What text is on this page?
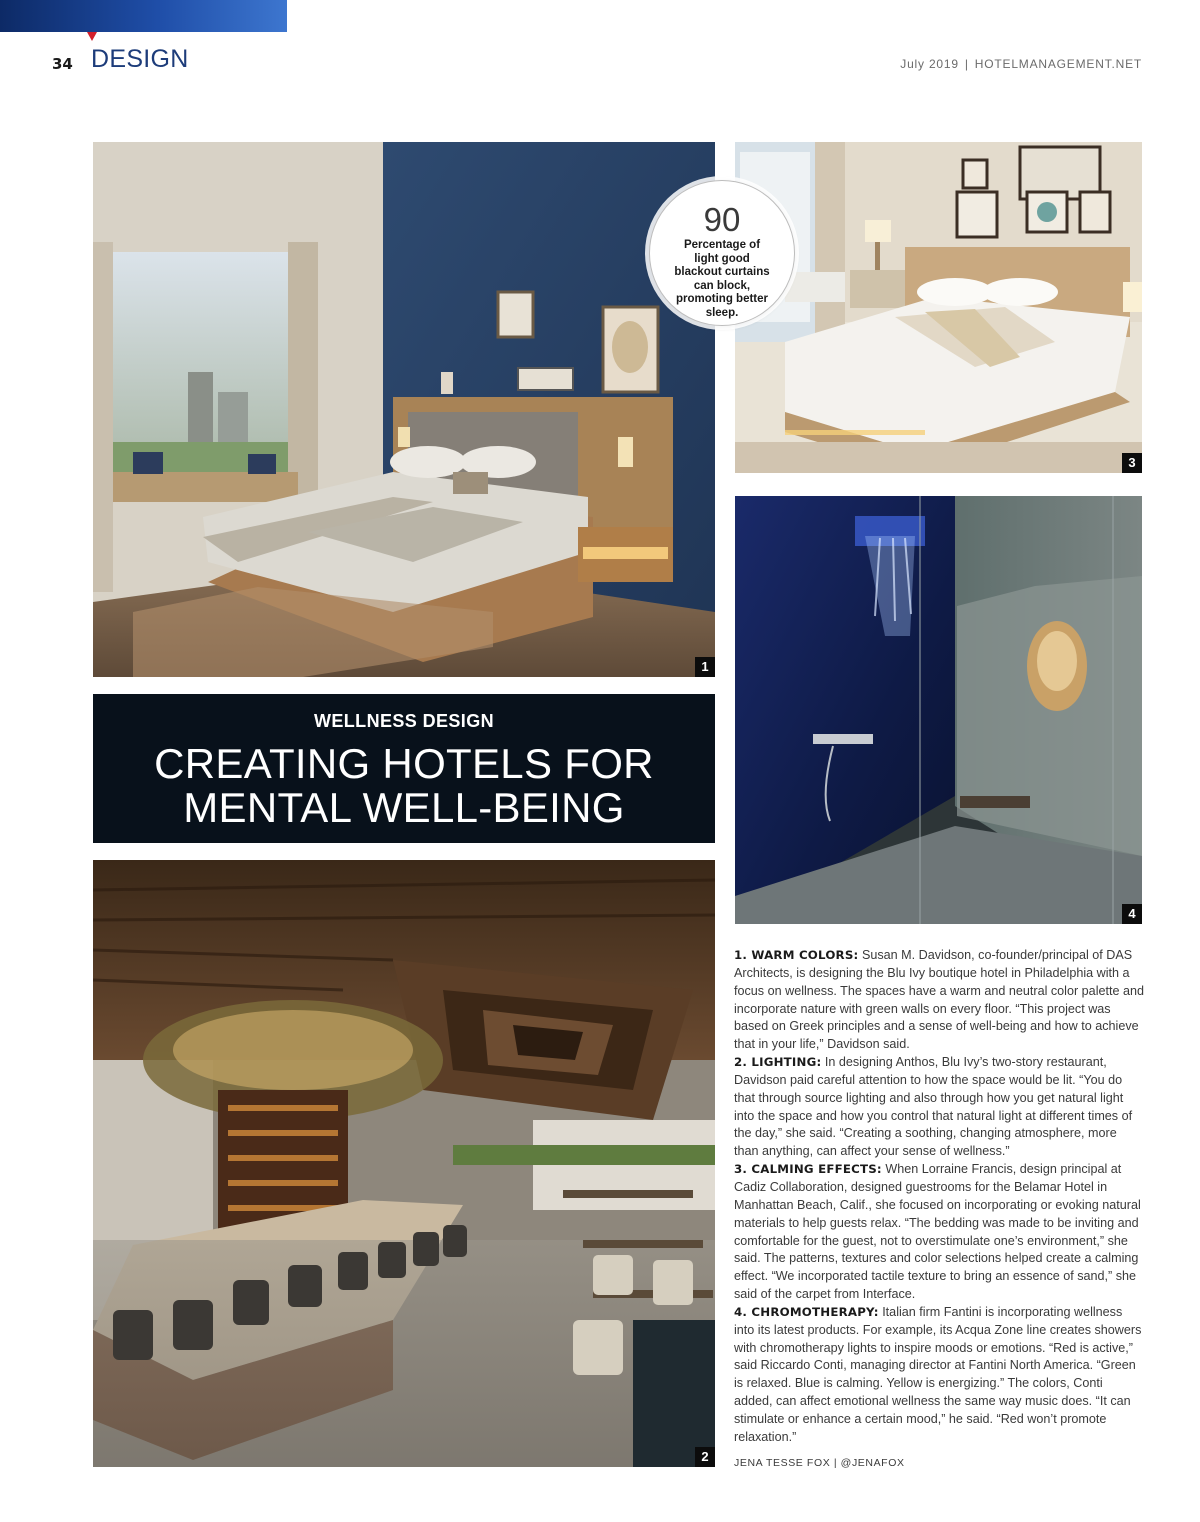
34 DESIGN	July 2019 | HOTELMANAGEMENT.NET
1
3
90
Percentage of light good blackout curtains can block, promoting better sleep.
4
WELLNESS DESIGN
CREATING HOTELS FOR
MENTAL WELL-BEING
2

1. WARM COLORS: Susan M. Davidson, co-founder/principal of DAS Architects, is designing the Blu Ivy boutique hotel in Philadelphia with a focus on wellness. The spaces have a warm and neutral color palette and incorporate nature with green walls on every floor. “This project was based on Greek principles and a sense of well-being and how to achieve that in your life,” Davidson said.

2. LIGHTING: In designing Anthos, Blu Ivy’s two-story restaurant, Davidson paid careful attention to how the space would be lit. “You do that through source lighting and also through how you get natural light into the space and how you control that natural light at different times of the day,” she said. “Creating a soothing, changing atmosphere, more than anything, can affect your sense of wellness.”

3. CALMING EFFECTS: When Lorraine Francis, design principal at Cadiz Collaboration, designed guestrooms for the Belamar Hotel in Manhattan Beach, Calif., she focused on incorporating or evoking natural materials to help guests relax. “The bedding was made to be inviting and comfortable for the guest, not to overstimulate one’s environment,” she said. The patterns, textures and color selections helped create a calming effect. “We incorporated tactile texture to bring an essence of sand,” she said of the carpet from Interface.

4. CHROMOTHERAPY: Italian firm Fantini is incorporating wellness into its latest products. For example, its Acqua Zone line creates showers with chromotherapy lights to inspire moods or emotions. “Red is active,” said Riccardo Conti, managing director at Fantini North America. “Green is relaxed. Blue is calming. Yellow is energizing.” The colors, Conti added, can affect emotional wellness the same way music does. “It can stimulate or enhance a certain mood,” he said. “Red won’t promote relaxation.”

JENA TESSE FOX | @JENAFOX
